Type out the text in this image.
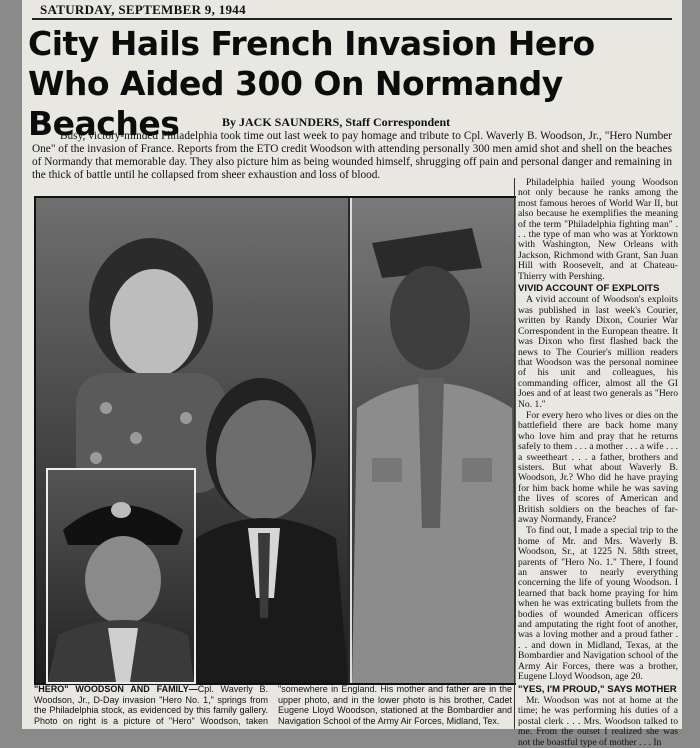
SATURDAY, SEPTEMBER 9, 1944
City Hails French Invasion Hero Who Aided 300 On Normandy Beaches	By JACK SAUNDERS, Staff Correspondent
Busy, victory-minded Philadelphia took time out last week to pay homage and tribute to Cpl. Waverly B. Woodson, Jr., "Hero Number One" of the invasion of France. Reports from the ETO credit Woodson with attending personally 300 men amid shot and shell on the beaches of Normandy that memorable day. They also picture him as being wounded himself, shrugging off pain and personal danger and remaining in the thick of battle until he collapsed from sheer exhaustion and loss of blood.
"HERO" WOODSON AND FAMILY—Cpl. Waverly B. Woodson, Jr., D-Day invasion "Hero No. 1," springs from the Philadelphia stock, as evidenced by this family gallery. Photo on right is a picture of "Hero" Woodson, taken "somewhere in England. His mother and father are in the upper photo, and in the lower photo is his brother, Cadet Eugene Lloyd Woodson, stationed at the Bombardier and Navigation School of the Army Air Forces, Midland, Tex.

Philadelphia hailed young Woodson not only because he ranks among the most famous heroes of World War II, but also because he exemplifies the meaning of the term "Philadelphia fighting man" . . . the type of man who was at Yorktown with Washington, New Orleans with Jackson, Richmond with Grant, San Juan Hill with Roosevelt, and at Chateau-Thierry with Pershing.

VIVID ACCOUNT OF EXPLOITS

A vivid account of Woodson's exploits was published in last week's Courier, written by Randy Dixon, Courier War Correspondent in the European theatre. It was Dixon who first flashed back the news to The Courier's million readers that Woodson was the personal nominee of his unit and colleagues, his commanding officer, almost all the GI Joes and of at least two generals as "Hero No. 1."

For every hero who lives or dies on the battlefield there are back home many who love him and pray that he returns safely to them . . . a mother . . . a wife . . . a sweetheart . . . a father, brothers and sisters. But what about Waverly B. Woodson, Jr.? Who did he have praying for him back home while he was saving the lives of scores of American and British soldiers on the beaches of far-away Normandy, France?

To find out, I made a special trip to the home of Mr. and Mrs. Waverly B. Woodson, Sr., at 1225 N. 58th street, parents of "Hero No. 1." There, I found an answer to nearly everything concerning the life of young Woodson. I learned that back home praying for him when he was extricating bullets from the bodies of wounded American officers and amputating the right foot of another, was a loving mother and a proud father . . . and down in Midland, Texas, at the Bombardier and Navigation school of the Army Air Forces, there was a brother, Eugene Lloyd Woodson, age 20.

"YES, I'M PROUD," SAYS MOTHER

Mr. Woodson was not at home at the time; he was performing his duties of a postal clerk . . . Mrs. Woodson talked to me. From the outset I realized she was not the boastful type of mother . . . In
